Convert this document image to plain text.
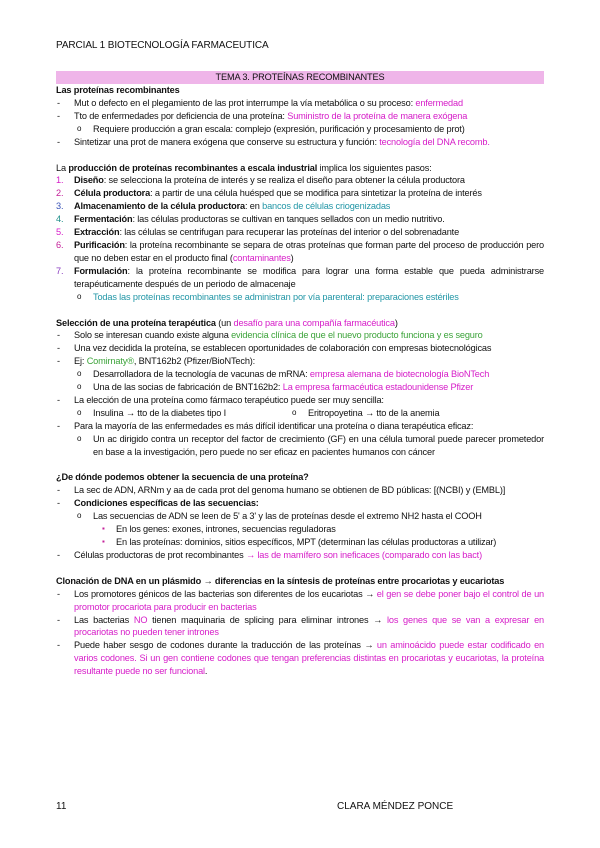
PARCIAL 1 BIOTECNOLOGÍA FARMACEUTICA
TEMA 3. PROTEÍNAS RECOMBINANTES
Las proteínas recombinantes
- Mut o defecto en el plegamiento de las prot interrumpe la vía metabólica o su proceso: enfermedad
- Tto de enfermedades por deficiencia de una proteína: Suministro de la proteína de manera exógena
o Requiere producción a gran escala: complejo (expresión, purificación y procesamiento de prot)
- Sintetizar una prot de manera exógena que conserve su estructura y función: tecnología del DNA recomb.
La producción de proteínas recombinantes a escala industrial implica los siguientes pasos:
1. Diseño: se selecciona la proteína de interés y se realiza el diseño para obtener la célula productora
2. Célula productora: a partir de una célula huésped que se modifica para sintetizar la proteína de interés
3. Almacenamiento de la célula productora: en bancos de células criogenizadas
4. Fermentación: las células productoras se cultivan en tanques sellados con un medio nutritivo.
5. Extracción: las células se centrifugan para recuperar las proteínas del interior o del sobrenadante
6. Purificación: la proteína recombinante se separa de otras proteínas que forman parte del proceso de producción pero que no deben estar en el producto final (contaminantes)
7. Formulación: la proteína recombinante se modifica para lograr una forma estable que pueda administrarse terapéuticamente después de un periodo de almacenaje
o Todas las proteínas recombinantes se administran por vía parenteral: preparaciones estériles
Selección de una proteína terapéutica (un desafío para una compañía farmacéutica)
- Solo se interesan cuando existe alguna evidencia clínica de que el nuevo producto funciona y es seguro
- Una vez decidida la proteína, se establecen oportunidades de colaboración con empresas biotecnológicas
- Ej: Comirnaty®, BNT162b2 (Pfizer/BioNTech):
o Desarrolladora de la tecnología de vacunas de mRNA: empresa alemana de biotecnología BioNTech
o Una de las socias de fabricación de BNT162b2: La empresa farmacéutica estadounidense Pfizer
- La elección de una proteína como fármaco terapéutico puede ser muy sencilla:
o Insulina → tto de la diabetes tipo I	o Eritropoyetina → tto de la anemia
- Para la mayoría de las enfermedades es más difícil identificar una proteína o diana terapéutica eficaz:
o Un ac dirigido contra un receptor del factor de crecimiento (GF) en una célula tumoral puede parecer prometedor en base a la investigación, pero puede no ser eficaz en pacientes humanos con cáncer
¿De dónde podemos obtener la secuencia de una proteína?
- La sec de ADN, ARNm y aa de cada prot del genoma humano se obtienen de BD públicas: [(NCBI) y (EMBL)]
- Condiciones específicas de las secuencias:
o Las secuencias de ADN se leen de 5' a 3' y las de proteínas desde el extremo NH2 hasta el COOH
▪ En los genes: exones, intrones, secuencias reguladoras
▪ En las proteínas: dominios, sitios específicos, MPT (determinan las células productoras a utilizar)
- Células productoras de prot recombinantes → las de mamífero son ineficaces (comparado con las bact)
Clonación de DNA en un plásmido → diferencias en la síntesis de proteínas entre procariotas y eucariotas
- Los promotores génicos de las bacterias son diferentes de los eucariotas → el gen se debe poner bajo el control de un promotor procariota para producir en bacterias
- Las bacterias NO tienen maquinaria de splicing para eliminar intrones → los genes que se van a expresar en procariotas no pueden tener intrones
- Puede haber sesgo de codones durante la traducción de las proteínas → un aminoácido puede estar codificado en varios codones. Si un gen contiene codones que tengan preferencias distintas en procariotas y eucariotas, la proteína resultante puede no ser funcional.
11	CLARA MÉNDEZ PONCE
